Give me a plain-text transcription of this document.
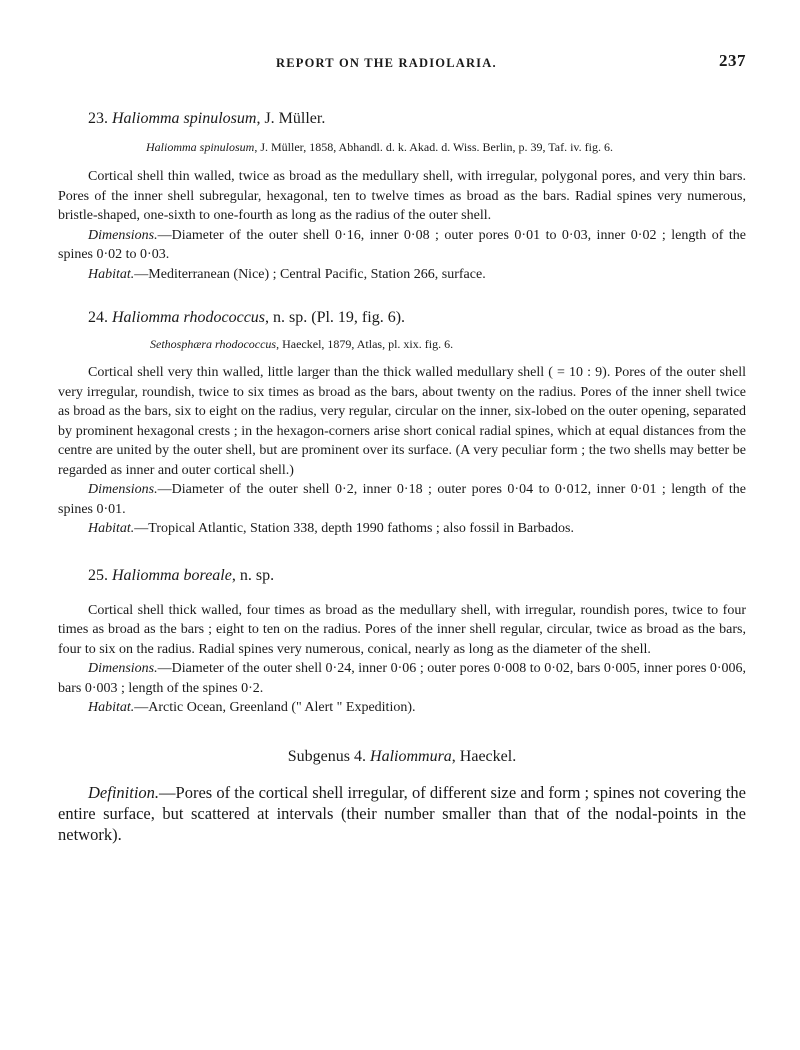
REPORT ON THE RADIOLARIA.	237

23. Haliomma spinulosum, J. Müller.

Haliomma spinulosum, J. Müller, 1858, Abhandl. d. k. Akad. d. Wiss. Berlin, p. 39, Taf. iv. fig. 6.

Cortical shell thin walled, twice as broad as the medullary shell, with irregular, polygonal pores, and very thin bars. Pores of the inner shell subregular, hexagonal, ten to twelve times as broad as the bars. Radial spines very numerous, bristle-shaped, one-sixth to one-fourth as long as the radius of the outer shell.

Dimensions.—Diameter of the outer shell 0·16, inner 0·08 ; outer pores 0·01 to 0·03, inner 0·02 ; length of the spines 0·02 to 0·03.

Habitat.—Mediterranean (Nice) ; Central Pacific, Station 266, surface.

24. Haliomma rhodococcus, n. sp. (Pl. 19, fig. 6).

Sethosphæra rhodococcus, Haeckel, 1879, Atlas, pl. xix. fig. 6.

Cortical shell very thin walled, little larger than the thick walled medullary shell ( = 10 : 9). Pores of the outer shell very irregular, roundish, twice to six times as broad as the bars, about twenty on the radius. Pores of the inner shell twice as broad as the bars, six to eight on the radius, very regular, circular on the inner, six-lobed on the outer opening, separated by prominent hexagonal crests ; in the hexagon-corners arise short conical radial spines, which at equal distances from the centre are united by the outer shell, but are prominent over its surface. (A very peculiar form ; the two shells may better be regarded as inner and outer cortical shell.)

Dimensions.—Diameter of the outer shell 0·2, inner 0·18 ; outer pores 0·04 to 0·012, inner 0·01 ; length of the spines 0·01.

Habitat.—Tropical Atlantic, Station 338, depth 1990 fathoms ; also fossil in Barbados.

25. Haliomma boreale, n. sp.

Cortical shell thick walled, four times as broad as the medullary shell, with irregular, roundish pores, twice to four times as broad as the bars ; eight to ten on the radius. Pores of the inner shell regular, circular, twice as broad as the bars, four to six on the radius. Radial spines very numerous, conical, nearly as long as the diameter of the shell.

Dimensions.—Diameter of the outer shell 0·24, inner 0·06 ; outer pores 0·008 to 0·02, bars 0·005, inner pores 0·006, bars 0·003 ; length of the spines 0·2.

Habitat.—Arctic Ocean, Greenland (" Alert " Expedition).

Subgenus 4. Haliommura, Haeckel.

Definition.—Pores of the cortical shell irregular, of different size and form ; spines not covering the entire surface, but scattered at intervals (their number smaller than that of the nodal-points in the network).
